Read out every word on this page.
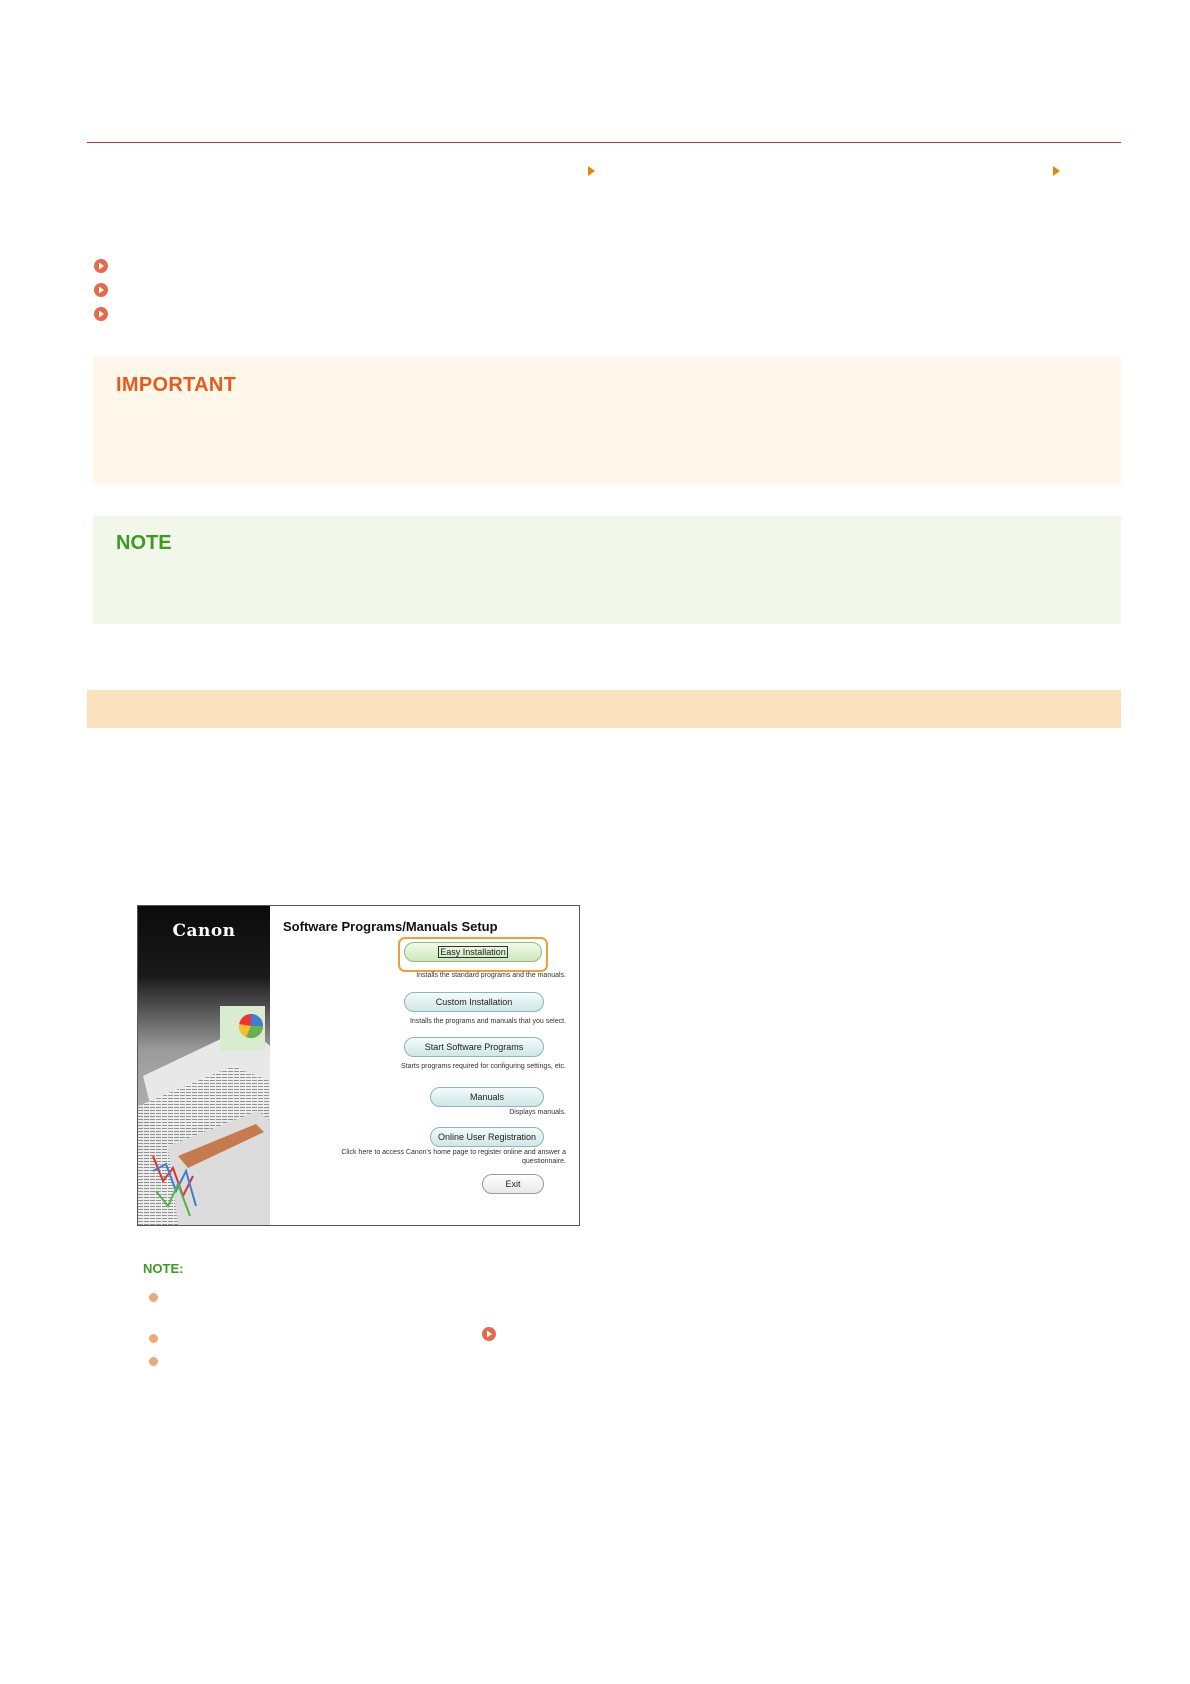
IMPORTANT
NOTE
Canon	Software Programs/Manuals Setup
Easy Installation
Installs the standard programs and the manuals.
Custom Installation
Installs the programs and manuals that you select.
Start Software Programs
Starts programs required for configuring settings, etc.
Manuals
Displays manuals.
Online User Registration
Click here to access Canon's home page to register online and answer a
questionnaire.
Exit
NOTE:
